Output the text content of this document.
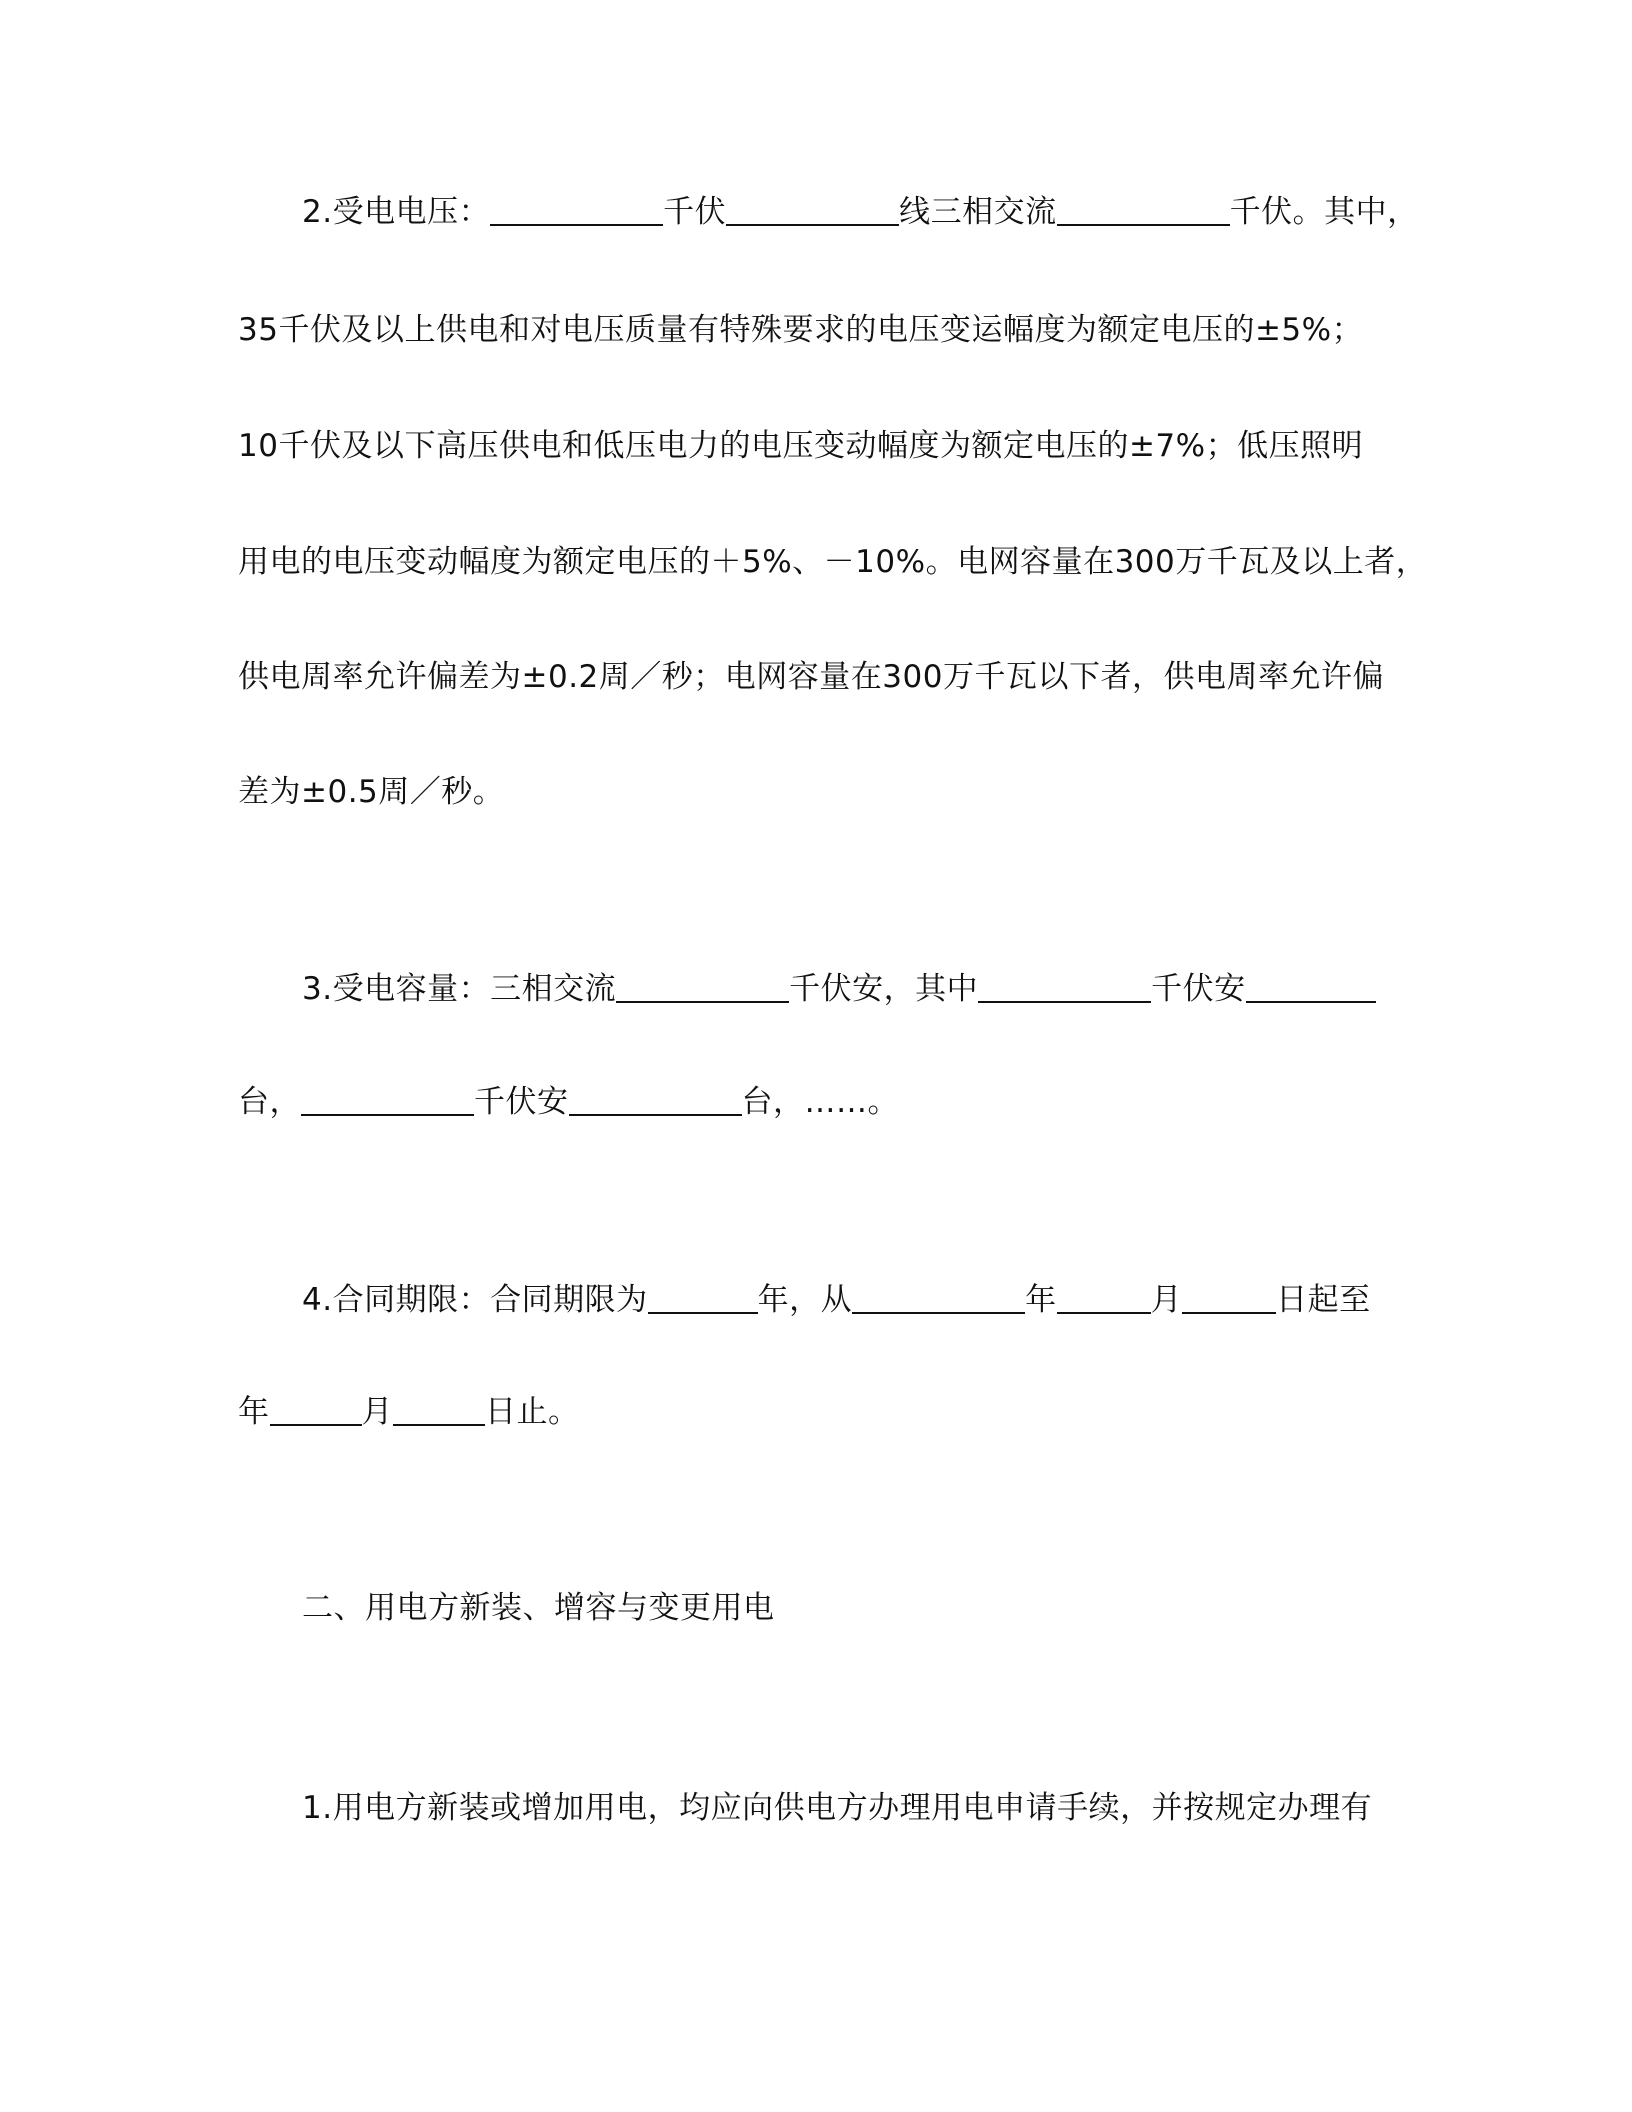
2.受电电压：	千伏	线三相交流	千伏。其中，
35千伏及以上供电和对电压质量有特殊要求的电压变运幅度为额定电压的±5%；
10千伏及以下高压供电和低压电力的电压变动幅度为额定电压的±7%；低压照明
用电的电压变动幅度为额定电压的＋5%、－10%。电网容量在300万千瓦及以上者，
供电周率允许偏差为±0.2周／秒；电网容量在300万千瓦以下者，供电周率允许偏
差为±0.5周／秒。
3.受电容量：三相交流	千伏安，其中	千伏安
台，	千伏安	台，……。
4.合同期限：合同期限为	年，从	年	月	日起至
年	月	日止。
二、用电方新装、增容与变更用电
1.用电方新装或增加用电，均应向供电方办理用电申请手续，并按规定办理有
